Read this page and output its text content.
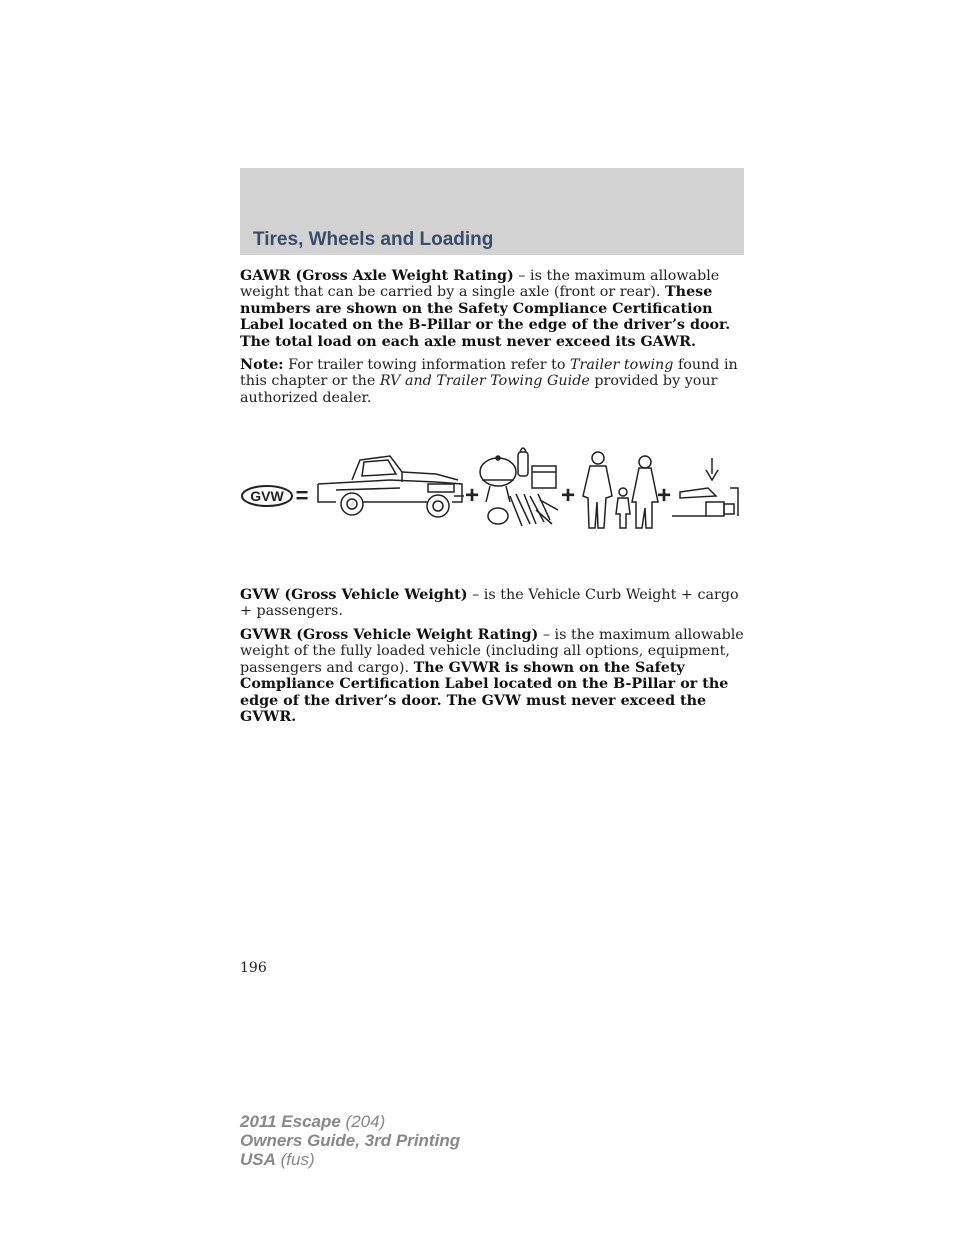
Tires, Wheels and Loading

GAWR (Gross Axle Weight Rating) – is the maximum allowable weight that can be carried by a single axle (front or rear). These numbers are shown on the Safety Compliance Certification Label located on the B-Pillar or the edge of the driver’s door. The total load on each axle must never exceed its GAWR.

Note: For trailer towing information refer to Trailer towing found in this chapter or the RV and Trailer Towing Guide provided by your authorized dealer.

GVW =	+	+	+

GVW (Gross Vehicle Weight) – is the Vehicle Curb Weight + cargo + passengers.

GVWR (Gross Vehicle Weight Rating) – is the maximum allowable weight of the fully loaded vehicle (including all options, equipment, passengers and cargo). The GVWR is shown on the Safety Compliance Certification Label located on the B-Pillar or the edge of the driver’s door. The GVW must never exceed the GVWR.

196
2011 Escape (204)
Owners Guide, 3rd Printing
USA (fus)
